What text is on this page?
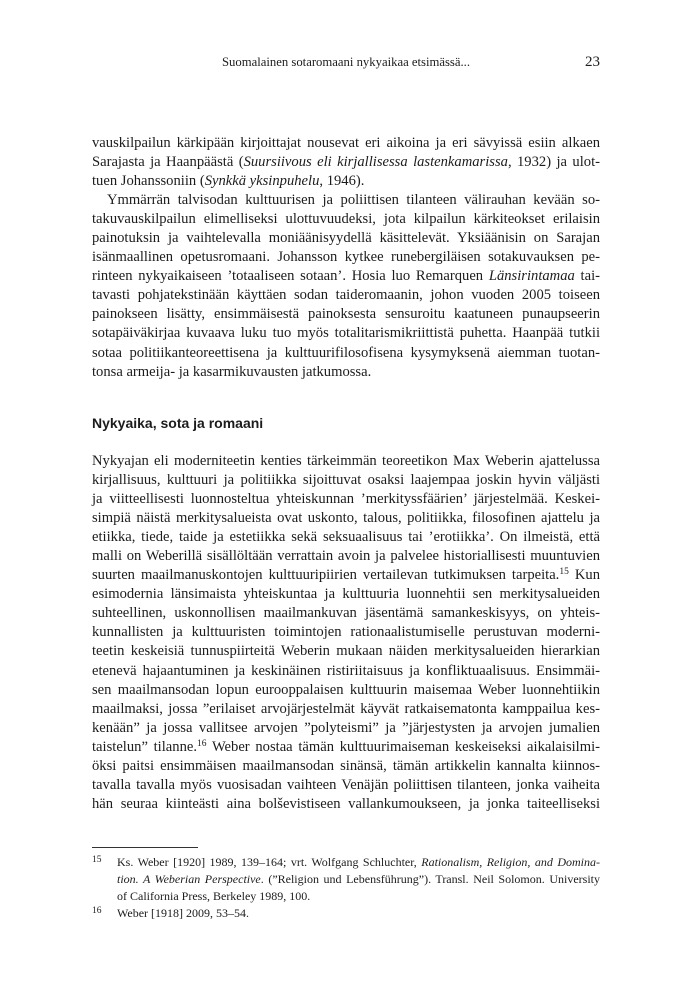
Suomalainen sotaromaani nykyaikaa etsimässä...	23
vauskilpailun kärkipään kirjoittajat nousevat eri aikoina ja eri sävyissä esiin alkaen
Sarajasta ja Haanpäästä (Suursiivous eli kirjallisessa lastenkamarissa, 1932) ja ulot-
tuen Johanssoniin (Synkkä yksinpuhelu, 1946).
Ymmärrän talvisodan kulttuurisen ja poliittisen tilanteen välirauhan kevään so-
takuvauskilpailun elimelliseksi ulottuvuudeksi, jota kilpailun kärkiteokset erilaisin
painotuksin ja vaihtelevalla moniäänisyydellä käsittelevät. Yksiäänisin on Sarajan
isänmaallinen opetusromaani. Johansson kytkee runebergiläisen sotakuvauksen pe-
rinteen nykyaikaiseen ’totaaliseen sotaan’. Hosia luo Remarquen Länsirintamaa tai-
tavasti pohjatekstinään käyttäen sodan taideromaanin, johon vuoden 2005 toiseen
painokseen lisätty, ensimmäisestä painoksesta sensuroitu kaatuneen punaupseerin
sotapäiväkirjaa kuvaava luku tuo myös totalitarismikriittistä puhetta. Haanpää tutkii
sotaa politiikanteoreettisena ja kulttuurifilosofisena kysymyksenä aiemman tuotan-
tonsa armeija- ja kasarmikuvausten jatkumossa.
Nykyaika, sota ja romaani
Nykyajan eli moderniteetin kenties tärkeimmän teoreetikon Max Weberin ajattelussa
kirjallisuus, kulttuuri ja politiikka sijoittuvat osaksi laajempaa joskin hyvin väljästi
ja viitteellisesti luonnosteltua yhteiskunnan ’merkityssfäärien’ järjestelmää. Keskei-
simpiä näistä merkitysalueista ovat uskonto, talous, politiikka, filosofinen ajattelu ja
etiikka, tiede, taide ja estetiikka sekä seksuaalisuus tai ’erotiikka’. On ilmeistä, että
malli on Weberillä sisällöltään verrattain avoin ja palvelee historiallisesti muuntuvien
suurten maailmanuskontojen kulttuuripiirien vertailevan tutkimuksen tarpeita.$^{15}$ Kun
esimodernia länsimaista yhteiskuntaa ja kulttuuria luonnehtii sen merkitysalueiden
suhteellinen, uskonnollisen maailmankuvan jäsentämä samankeskisyys, on yhteis-
kunnallisten ja kulttuuristen toimintojen rationaalistumiselle perustuvan moderni-
teetin keskeisiä tunnuspiirteitä Weberin mukaan näiden merkitysalueiden hierarkian
etenevä hajaantuminen ja keskinäinen ristiriitaisuus ja konfliktuaalisuus. Ensimmäi-
sen maailmansodan lopun eurooppalaisen kulttuurin maisemaa Weber luonnehtiikin
maailmaksi, jossa ”erilaiset arvojärjestelmät käyvät ratkaisematonta kamppailua kes-
kenään” ja jossa vallitsee arvojen ”polyteismi” ja ”järjestysten ja arvojen jumalien
taistelun” tilanne.$^{16}$ Weber nostaa tämän kulttuurimaiseman keskeiseksi aikalaisilmi-
öksi paitsi ensimmäisen maailmansodan sinänsä, tämän artikkelin kannalta kiinnos-
tavalla tavalla myös vuosisadan vaihteen Venäjän poliittisen tilanteen, jonka vaiheita
hän seuraa kiinteästi aina bolševistiseen vallankumoukseen, ja jonka taiteelliseksi
15	Ks. Weber [1920] 1989, 139–164; vrt. Wolfgang Schluchter, Rationalism, Religion, and Domina-
tion. A Weberian Perspective. (”Religion und Lebensführung”). Transl. Neil Solomon. University
of California Press, Berkeley 1989, 100.
16	Weber [1918] 2009, 53–54.
